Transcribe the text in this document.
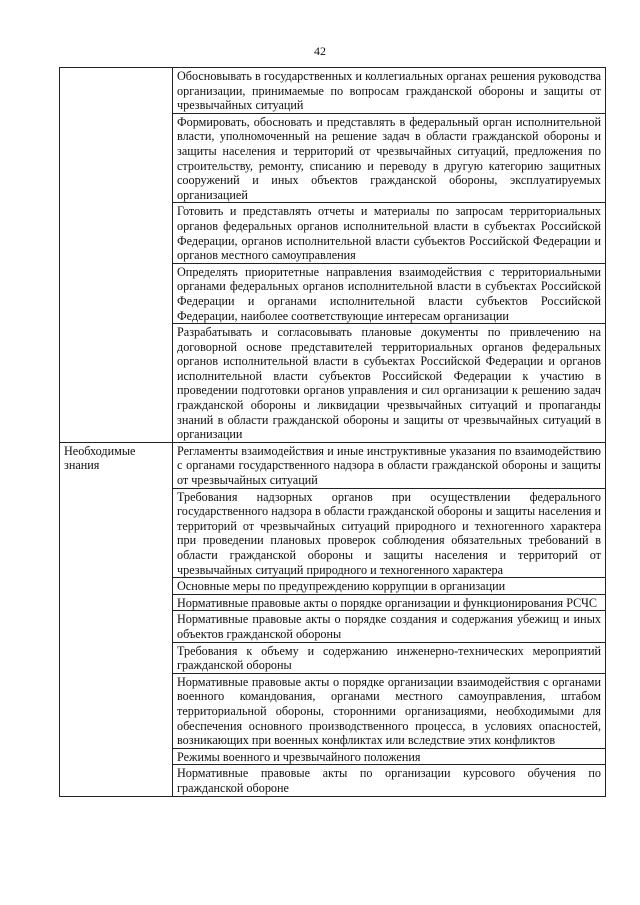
42
	Обосновывать в государственных и коллегиальных органах решения руководства организации, принимаемые по вопросам гражданской обороны и защиты от чрезвычайных ситуаций
	Формировать, обосновать и представлять в федеральный орган исполнительной власти, уполномоченный на решение задач в области гражданской обороны и защиты населения и территорий от чрезвычайных ситуаций, предложения по строительству, ремонту, списанию и переводу в другую категорию защитных сооружений и иных объектов гражданской обороны, эксплуатируемых организацией
	Готовить и представлять отчеты и материалы по запросам территориальных органов федеральных органов исполнительной власти в субъектах Российской Федерации, органов исполнительной власти субъектов Российской Федерации и органов местного самоуправления
	Определять приоритетные направления взаимодействия с территориальными органами федеральных органов исполнительной власти в субъектах Российской Федерации и органами исполнительной власти субъектов Российской Федерации, наиболее соответствующие интересам организации
	Разрабатывать и согласовывать плановые документы по привлечению на договорной основе представителей территориальных органов федеральных органов исполнительной власти в субъектах Российской Федерации и органов исполнительной власти субъектов Российской Федерации к участию в проведении подготовки органов управления и сил организации к решению задач гражданской обороны и ликвидации чрезвычайных ситуаций и пропаганды знаний в области гражданской обороны и защиты от чрезвычайных ситуаций в организации
Необходимые знания	Регламенты взаимодействия и иные инструктивные указания по взаимодействию с органами государственного надзора в области гражданской обороны и защиты от чрезвычайных ситуаций
	Требования надзорных органов при осуществлении федерального государственного надзора в области гражданской обороны и защиты населения и территорий от чрезвычайных ситуаций природного и техногенного характера при проведении плановых проверок соблюдения обязательных требований в области гражданской обороны и защиты населения и территорий от чрезвычайных ситуаций природного и техногенного характера
	Основные меры по предупреждению коррупции в организации
	Нормативные правовые акты о порядке организации и функционирования РСЧС
	Нормативные правовые акты о порядке создания и содержания убежищ и иных объектов гражданской обороны
	Требования к объему и содержанию инженерно-технических мероприятий гражданской обороны
	Нормативные правовые акты о порядке организации взаимодействия с органами военного командования, органами местного самоуправления, штабом территориальной обороны, сторонними организациями, необходимыми для обеспечения основного производственного процесса, в условиях опасностей, возникающих при военных конфликтах или вследствие этих конфликтов
	Режимы военного и чрезвычайного положения
	Нормативные правовые акты по организации курсового обучения по гражданской обороне
